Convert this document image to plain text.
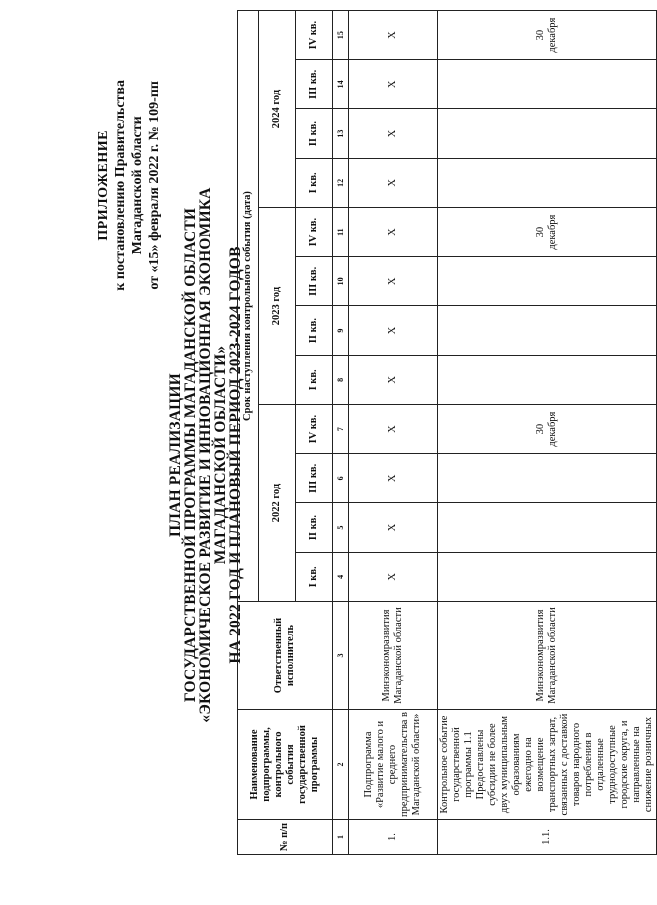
ПРИЛОЖЕНИЕ к постановлению Правительства Магаданской области от «15» февраля 2022 г. № 109-пп
ПЛАН РЕАЛИЗАЦИИ
ГОСУДАРСТВЕННОЙ ПРОГРАММЫ МАГАДАНСКОЙ ОБЛАСТИ
«ЭКОНОМИЧЕСКОЕ РАЗВИТИЕ И ИННОВАЦИОННАЯ ЭКОНОМИКА МАГАДАНСКОЙ ОБЛАСТИ»
НА 2022 ГОД И ПЛАНОВЫЙ ПЕРИОД 2023-2024 ГОДОВ
№ п/п	Наименование подпрограммы, контрольного события государственной программы	Ответственный исполнитель	Срок наступления контрольного события (дата)											
			2022 год				2023 год				2024 год			
			I кв.	II кв.	III кв.	IV кв.	I кв.	II кв.	III кв.	IV кв.	I кв.	II кв.	III кв.	IV кв.
1	2	3	4	5	6	7	8	9	10	11	12	13	14	15
1.	Подпрограмма «Развитие малого и среднего предпринимательства в Магаданской области»	Минэкономразвития Магаданской области	X	X	X	X	X	X	X	X	X	X	X	X
1.1.	Контрольное событие государственной программы 1.1 Предоставлены субсидии не более двух муниципальным образованиям ежегодно на возмещение транспортных затрат, связанных с доставкой товаров народного потребления в отдаленные труднодоступные городские округа, и направленные на снижение розничных	Минэкономразвития Магаданской области				30 декабря				30 декабря				30 декабря
